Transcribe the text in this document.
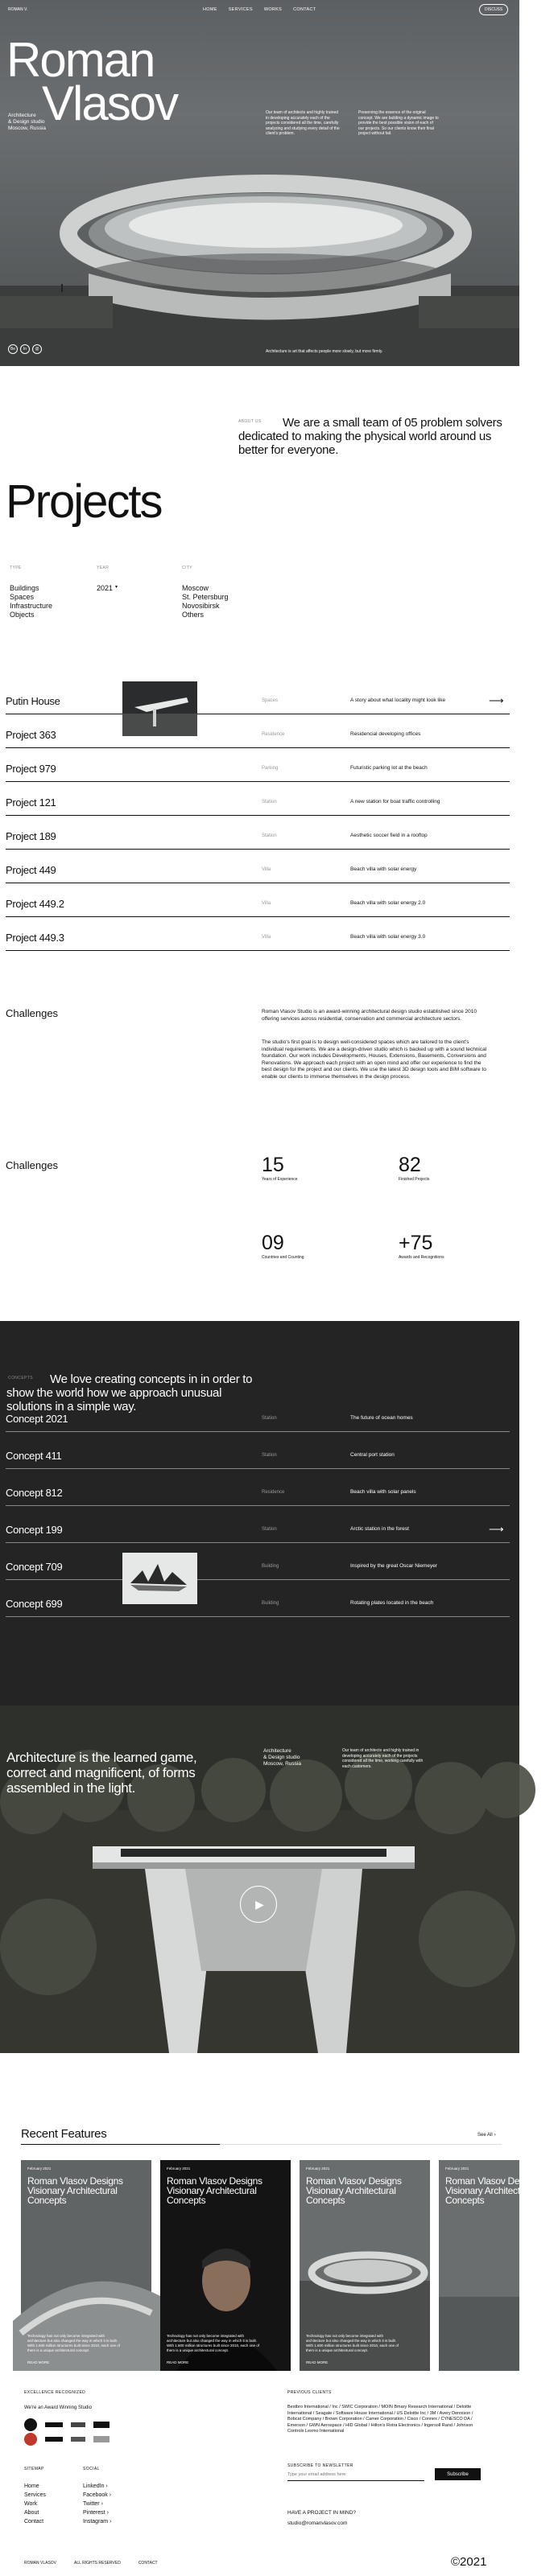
ROMAN V.	HOME	SERVICES	WORKS	CONTACT	DISCUSS
Roman
Vlasov
Architecture
& Design studio
Moscow, Russia

Our team of architects and highly trained in developing accurately each of the projects considered all the time, carefully analyzing and studying every detail of the client's problem.

Preserving the essence of the original concept. We are building a dynamic image to provide the best possible vision of each of our projects. So our clients know their final project without fail.

Be	In	@	Architecture is art that affects people more slowly, but more firmly.
ABOUT US	We are a small team of 05 problem solvers dedicated to making the physical world around us better for everyone.

Projects
TYPE	YEAR	CITY
Buildings
Spaces
Infrastructure
Objects
2021 ▾	Moscow
St. Petersburg
Novosibirsk
Others
Putin House	Spaces	A story about what locality might look like	⟶
Project 363	Residence	Residencial developing offices
Project 979	Parking	Futuristic parking lot at the beach
Project 121	Station	A new station for boat traffic controlling
Project 189	Station	Aesthetic soccer field in a rooftop
Project 449	Villa	Beach villa with solar energy
Project 449.2	Villa	Beach villa with solar energy 2.0
Project 449.3	Villa	Beach villa with solar energy 3.0
Challenges	Roman Vlasov Studio is an award-winning architectural design studio established since 2010 offering services across residential, conservation and commercial architecture sectors.

The studio's first goal is to design well-considered spaces which are tailored to the client's individual requirements. We are a design-driven studio which is backed up with a sound technical foundation. Our work includes Developments, Houses, Extensions, Basements, Conversions and Renovations. We approach each project with an open mind and offer our experience to find the best design for the project and our clients. We use the latest 3D design tools and BIM software to enable our clients to immerse themselves in the design process.

Challenges	15
Years of Experience
82
Finished Projects
09
Countries and Counting
+75
Awards and Recognitions
CONCEPTS	We love creating concepts in in order to show the world how we approach unusual solutions in a simple way.

Concept 2021	Station	The future of ocean homes
Concept 411	Station	Central port station
Concept 812	Residence	Beach villa with solar panels
Concept 199	Station	Arctic station in the forest	⟶
Concept 709	Building	Inspired by the great Oscar Niemeyer
Concept 699	Building	Rotating plates located in the beach

Architecture is the learned game, correct and magnificent, of forms assembled in the light.

Architecture
& Design studio
Moscow, Russia

Our team of architects and highly trained in developing accurately each of the projects considered all the time, working carefully with each customers.

▶
Recent Features	See All ›
February 2021
Roman Vlasov Designs Visionary Architectural Concepts
Technology has not only become integrated with architecture but also changed the way in which it is built. With 1.600 million structures built since 2010, each one of them is a unique architectural concept.
READ MORE
February 2021
Roman Vlasov Designs Visionary Architectural Concepts
Technology has not only become integrated with architecture but also changed the way in which it is built. With 1.600 million structures built since 2010, each one of them is a unique architectural concept.
READ MORE
February 2021
Roman Vlasov Designs Visionary Architectural Concepts
Technology has not only become integrated with architecture but also changed the way in which it is built. With 1.600 million structures built since 2010, each one of them is a unique architectural concept.
READ MORE
February 2021
Roman Vlasov Designs Visionary Architectural Concepts
EXCELLENCE RECOGNIZED
We're an Award Winning Studio
PREVIOUS CLIENTS

Bestbro International / Inc / SWIC Corporation / MOIN Bmary Research International / Deloitte International / Seagate / Software House International / US Deloitte Inc / 3M / Avery Dennison / Bobcat Company / Brown Corporation / Camer Corporation / Cisco / Connex / CYNESCO DA / Emerson / GWN Aerospace / HID Global / Hilton's Rotra Electronics / Ingersoll Rand / Johnson Controls Lexmo International

SUBSCRIBE TO NEWSLETTER
Type your email address here
Subscribe
SITEMAP
Home
Services
Work
About
Contact
SOCIAL
LinkedIn ›
Facebook ›
Twitter ›
Pinterest ›
Instagram ›
HAVE A PROJECT IN MIND?
studio@romanvlasov.com
ROMAN VLASOV	ALL RIGHTS RESERVED	CONTACT	©2021
